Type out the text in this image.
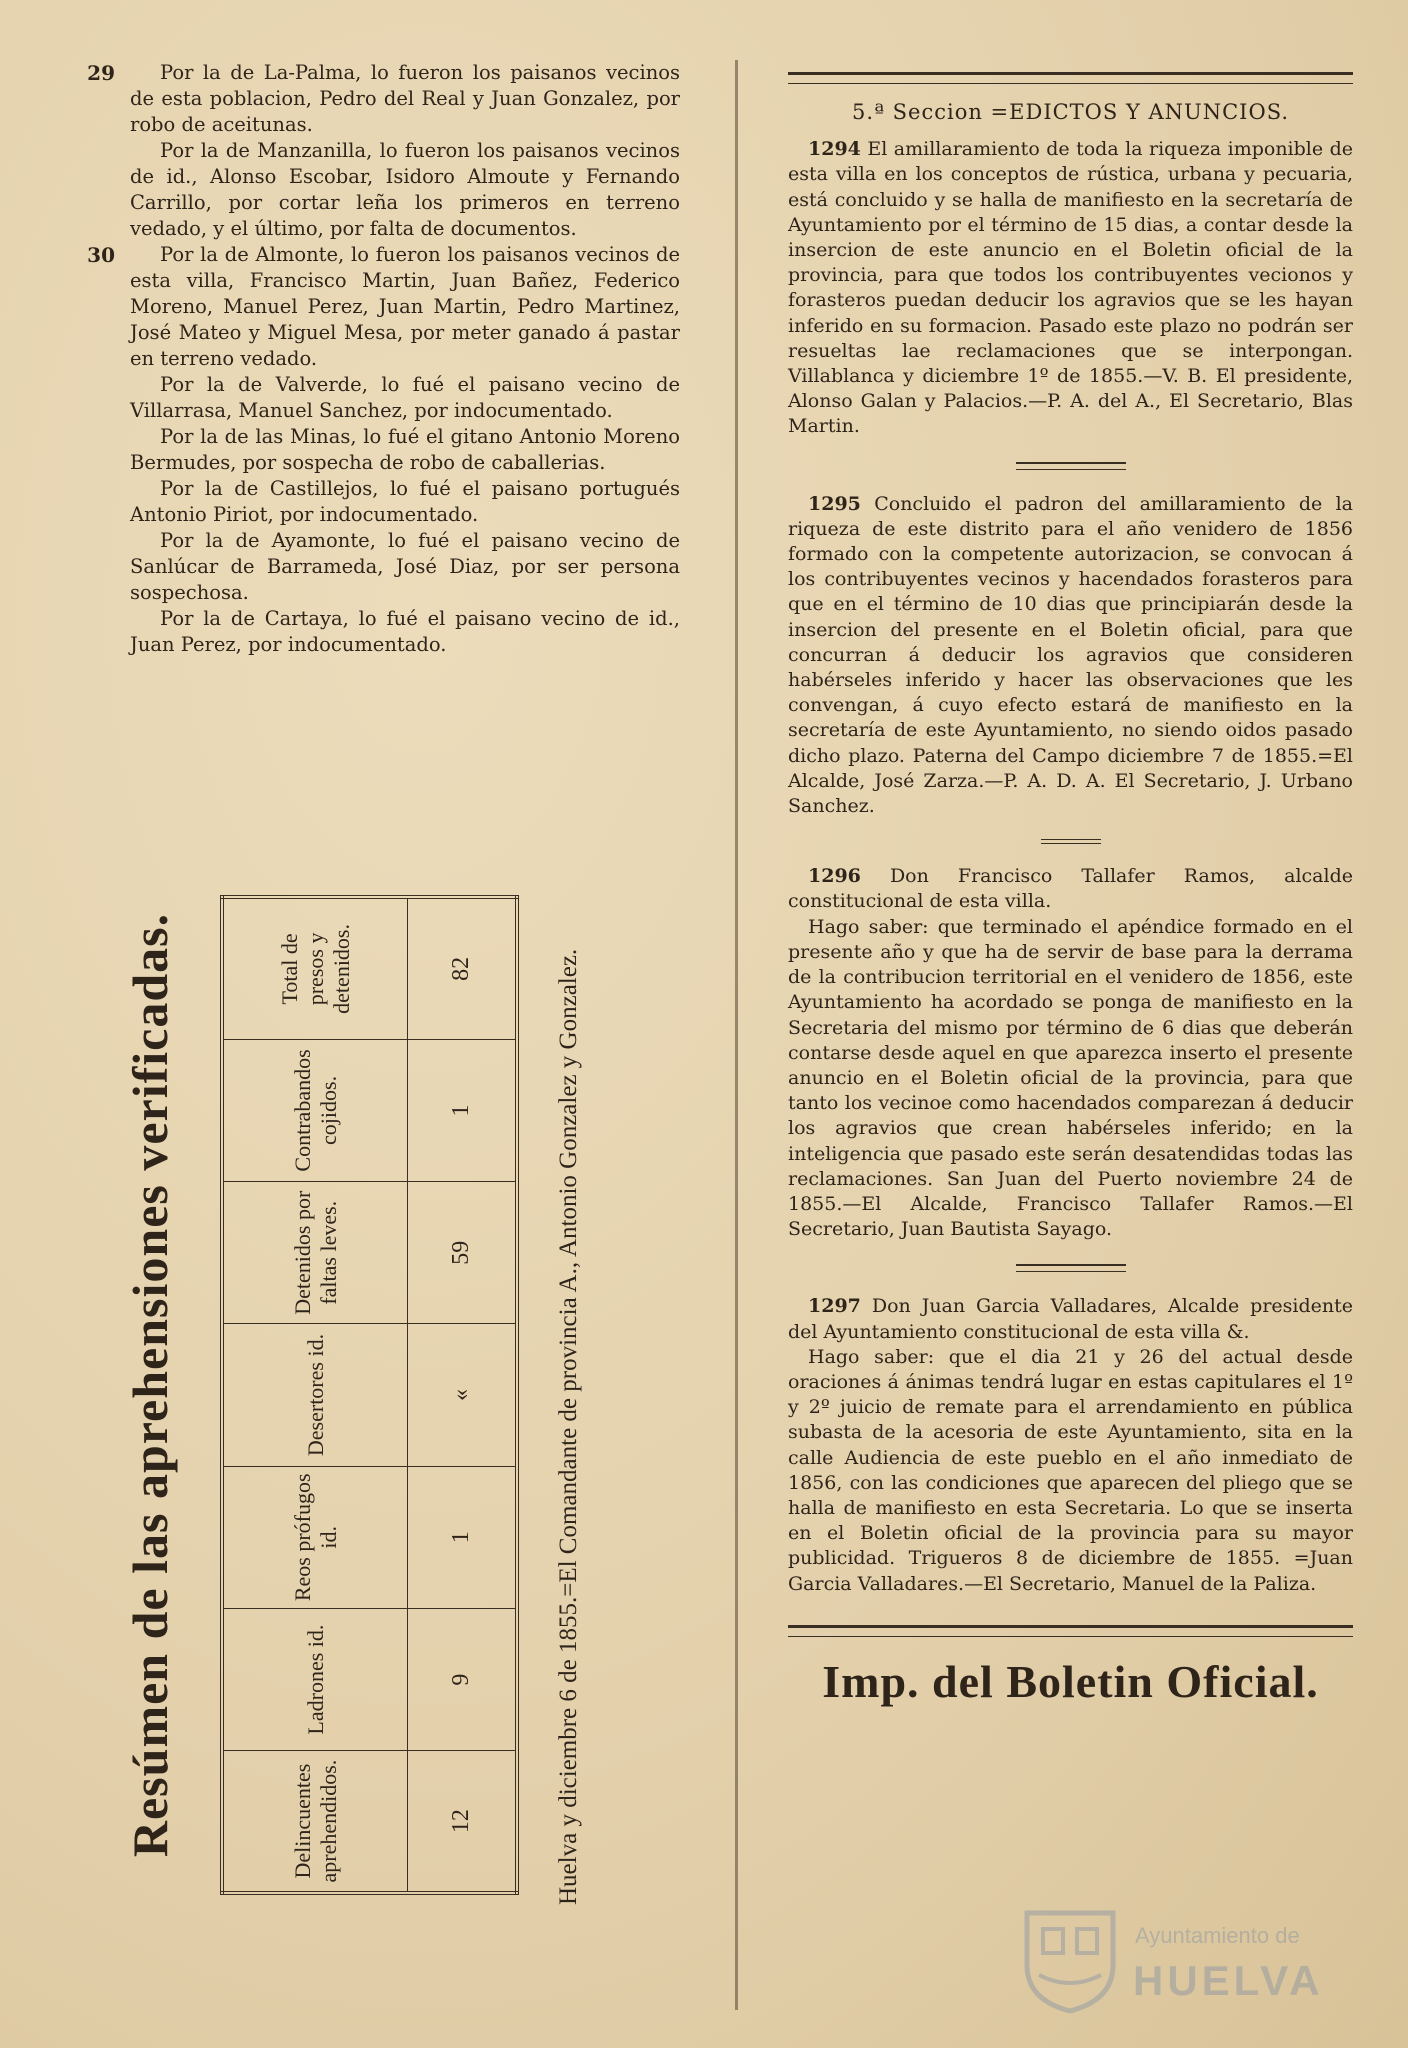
29 Por la de La-Palma, lo fueron los paisanos vecinos de esta poblacion, Pedro del Real y Juan Gonzalez, por robo de aceitunas.

Por la de Manzanilla, lo fueron los paisanos vecinos de id., Alonso Escobar, Isidoro Almoute y Fernando Carrillo, por cortar leña los primeros en terreno vedado, y el último, por falta de documentos.

30 Por la de Almonte, lo fueron los paisanos vecinos de esta villa, Francisco Martin, Juan Bañez, Federico Moreno, Manuel Perez, Juan Martin, Pedro Martinez, José Mateo y Miguel Mesa, por meter ganado á pastar en terreno vedado.

Por la de Valverde, lo fué el paisano vecino de Villarrasa, Manuel Sanchez, por indocumentado.

Por la de las Minas, lo fué el gitano Antonio Moreno Bermudes, por sospecha de robo de caballerias.

Por la de Castillejos, lo fué el paisano portugués Antonio Piriot, por indocumentado.

Por la de Ayamonte, lo fué el paisano vecino de Sanlúcar de Barrameda, José Diaz, por ser persona sospechosa.

Por la de Cartaya, lo fué el paisano vecino de id., Juan Perez, por indocumentado.

Resúmen de las aprehensiones verificadas.	Delincuentes aprehendidos.	Ladrones id.	Reos prófugos id.	Desertores id.	Detenidos por faltas leves.	Contrabandos cojidos.	Total de presos y detenidos.
12	9	1	«	59	1	82	Huelva y diciembre 6 de 1855.=El Comandante de provincia A., Antonio Gonzalez y Gonzalez.
5.ª Seccion =EDICTOS Y ANUNCIOS.

1294 El amillaramiento de toda la riqueza imponible de esta villa en los conceptos de rústica, urbana y pecuaria, está concluido y se halla de manifiesto en la secretaría de Ayuntamiento por el término de 15 dias, a contar desde la insercion de este anuncio en el Boletin oficial de la provincia, para que todos los contribuyentes vecionos y forasteros puedan deducir los agravios que se les hayan inferido en su formacion. Pasado este plazo no podrán ser resueltas lae reclamaciones que se interpongan. Villablanca y diciembre 1º de 1855.—V. B. El presidente, Alonso Galan y Palacios.—P. A. del A., El Secretario, Blas Martin.

1295 Concluido el padron del amillaramiento de la riqueza de este distrito para el año venidero de 1856 formado con la competente autorizacion, se convocan á los contribuyentes vecinos y hacendados forasteros para que en el término de 10 dias que principiarán desde la insercion del presente en el Boletin oficial, para que concurran á deducir los agravios que consideren habérseles inferido y hacer las observaciones que les convengan, á cuyo efecto estará de manifiesto en la secretaría de este Ayuntamiento, no siendo oidos pasado dicho plazo. Paterna del Campo diciembre 7 de 1855.=El Alcalde, José Zarza.—P. A. D. A. El Secretario, J. Urbano Sanchez.

1296 Don Francisco Tallafer Ramos, alcalde constitucional de esta villa.

Hago saber: que terminado el apéndice formado en el presente año y que ha de servir de base para la derrama de la contribucion territorial en el venidero de 1856, este Ayuntamiento ha acordado se ponga de manifiesto en la Secretaria del mismo por término de 6 dias que deberán contarse desde aquel en que aparezca inserto el presente anuncio en el Boletin oficial de la provincia, para que tanto los vecinoe como hacendados comparezan á deducir los agravios que crean habérseles inferido; en la inteligencia que pasado este serán desatendidas todas las reclamaciones. San Juan del Puerto noviembre 24 de 1855.—El Alcalde, Francisco Tallafer Ramos.—El Secretario, Juan Bautista Sayago.

1297 Don Juan Garcia Valladares, Alcalde presidente del Ayuntamiento constitucional de esta villa &.

Hago saber: que el dia 21 y 26 del actual desde oraciones á ánimas tendrá lugar en estas capitulares el 1º y 2º juicio de remate para el arrendamiento en pública subasta de la acesoria de este Ayuntamiento, sita en la calle Audiencia de este pueblo en el año inmediato de 1856, con las condiciones que aparecen del pliego que se halla de manifiesto en esta Secretaria. Lo que se inserta en el Boletin oficial de la provincia para su mayor publicidad. Trigueros 8 de diciembre de 1855. =Juan Garcia Valladares.—El Secretario, Manuel de la Paliza.

Imp. del Boletin Oficial.
Ayuntamiento de
HUELVA
